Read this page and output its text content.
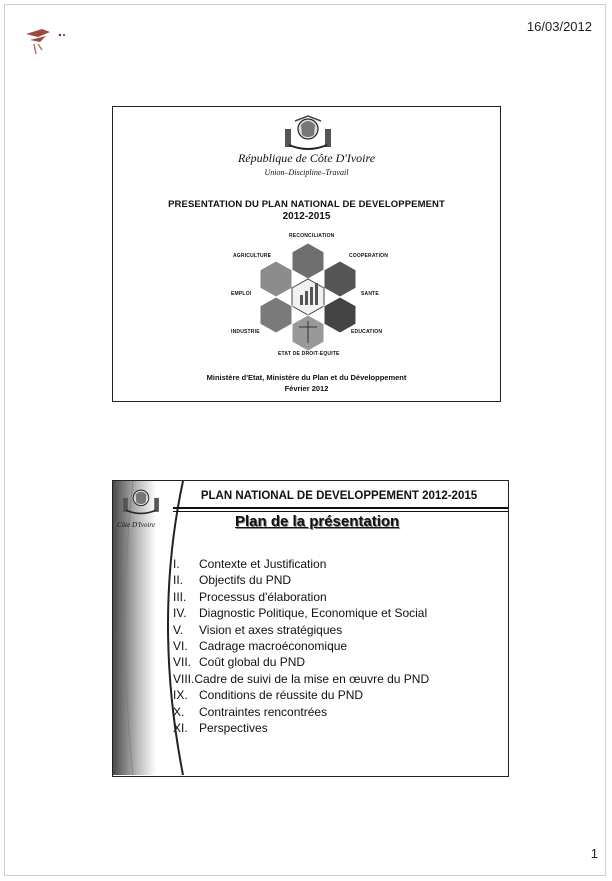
16/03/2012
République de Côte D'Ivoire
Union–Discipline–Travail
PRESENTATION DU PLAN NATIONAL DE DEVELOPPEMENT
2012-2015
RECONCILIATION
AGRICULTURE	COOPERATION
EMPLOI	SANTE
INDUSTRIE	EDUCATION
ETAT DE DROIT-EQUITE
Ministère d'Etat, Ministère du Plan et du Développement
Février 2012
Côte D'Ivoire
PLAN NATIONAL DE DEVELOPPEMENT 2012-2015
Plan de la présentation
I.	Contexte et Justification
II.	Objectifs du PND
III.	Processus d'élaboration
IV.	Diagnostic Politique, Economique et Social
V.	Vision et axes stratégiques
VI. Cadrage macroéconomique
VII. Coût global du PND
VIII. Cadre de suivi de la mise en œuvre du PND
IX. Conditions de réussite du PND
X.	Contraintes rencontrées
XI. Perspectives
1
